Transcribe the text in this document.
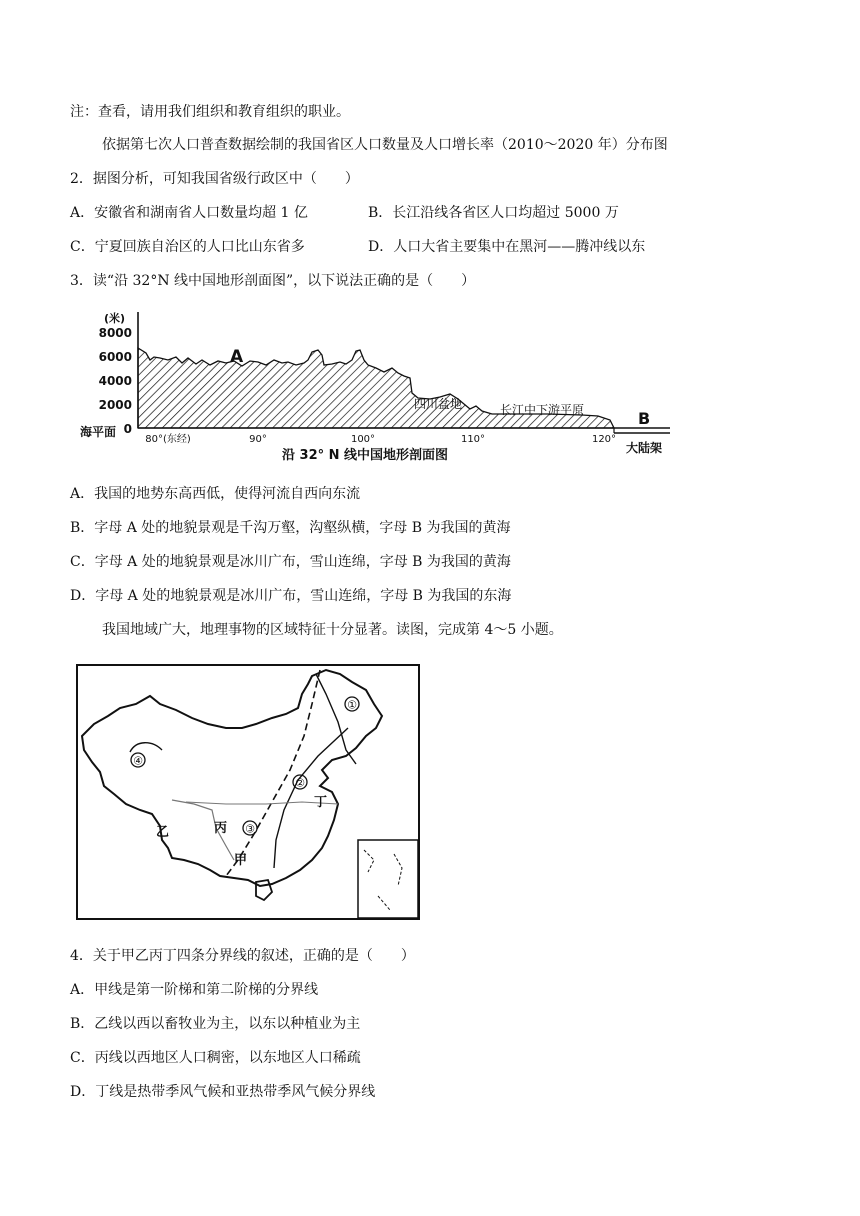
注：查看，请用我们组织和教育组织的职业。
依据第七次人口普查数据绘制的我国省区人口数量及人口增长率（2010～2020 年）分布图
2．据图分析，可知我国省级行政区中（　　）
A．安徽省和湖南省人口数量均超 1 亿	B．长江沿线各省区人口均超过 5000 万
C．宁夏回族自治区的人口比山东省多	D．人口大省主要集中在黑河——腾冲线以东
3．读“沿 32°N 线中国地形剖面图”，以下说法正确的是（　　）
(米)
8000
6000
4000
2000
0
海平面
80°(东经)	90°	100°	110°	120°
A
四川盆地	长江中下游平原	B
大陆架
沿 32° N 线中国地形剖面图
A．我国的地势东高西低，使得河流自西向东流
B．字母 A 处的地貌景观是千沟万壑，沟壑纵横，字母 B 为我国的黄海
C．字母 A 处的地貌景观是冰川广布，雪山连绵，字母 B 为我国的黄海
D．字母 A 处的地貌景观是冰川广布，雪山连绵，字母 B 为我国的东海
我国地域广大，地理事物的区域特征十分显著。读图，完成第 4～5 小题。
①
②
③
④
丁
丙
乙
甲
4．关于甲乙丙丁四条分界线的叙述，正确的是（　　）
A．甲线是第一阶梯和第二阶梯的分界线
B．乙线以西以畜牧业为主，以东以种植业为主
C．丙线以西地区人口稠密，以东地区人口稀疏
D．丁线是热带季风气候和亚热带季风气候分界线
